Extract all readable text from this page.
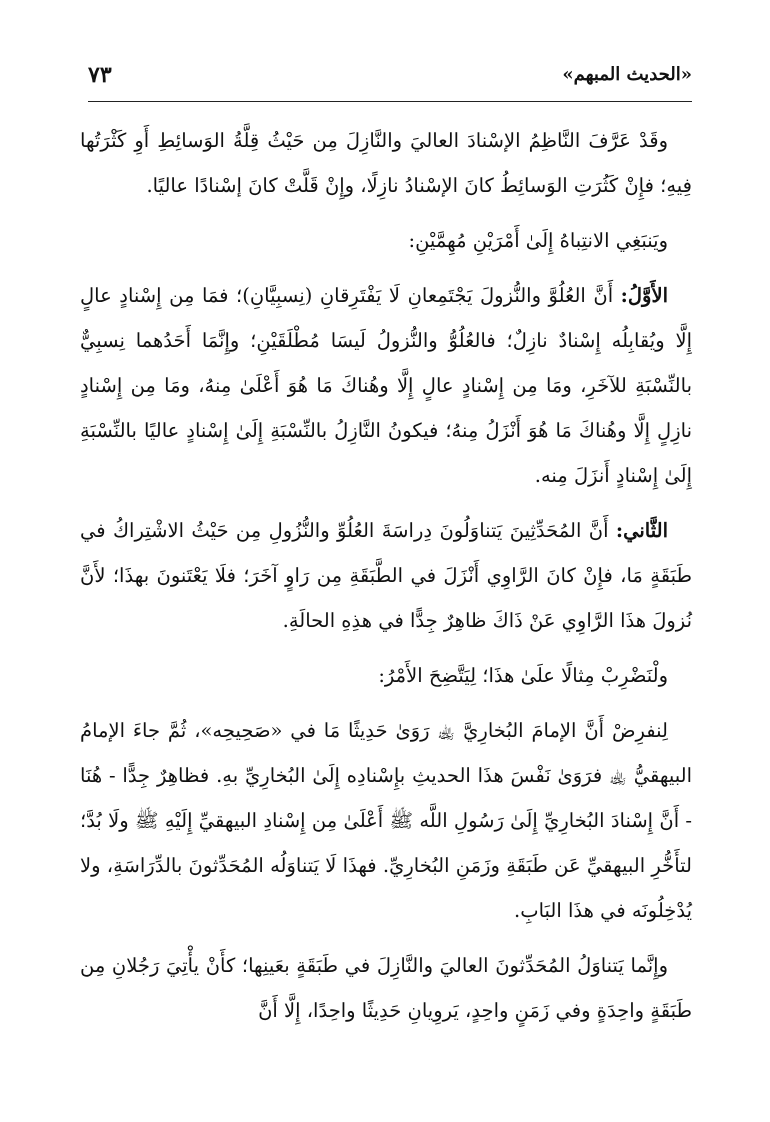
«الحديث المبهم»
٧٣

وقَدْ عَرَّفَ النَّاظِمُ الإسْنادَ العاليَ والنَّازِلَ مِن حَيْثُ قِلَّةُ الوَسائِطِ أَوِ كَثْرَتُها فِيهِ؛ فإِنْ كَثُرَتِ الوَسائِطُ كانَ الإسْنادُ نازِلًا، وإِنْ قَلَّتْ كانَ إسْنادًا عاليًا.

ويَنبَغِي الانتِباهُ إِلَىٰ أَمْرَيْنِ مُهِمَّيْنِ:

الأَوَّلُ: أَنَّ العُلُوَّ والنُّزولَ يَجْتَمِعانِ لَا يَفْتَرِقانِ (نِسبِيَّانِ)؛ فمَا مِن إِسْنادٍ عالٍ إِلَّا ويُقابِلُه إِسْنادٌ نازِلٌ؛ فالعُلُوُّ والنُّزولُ لَيسَا مُطْلَقَيْنِ؛ وإِنَّمَا أَحَدُهما نِسبِيٌّ بالنِّسْبَةِ للآخَرِ، ومَا مِن إِسْنادٍ عالٍ إِلَّا وهُناكَ مَا هُوَ أَعْلَىٰ مِنهُ، ومَا مِن إِسْنادٍ نازِلٍ إِلَّا وهُناكَ مَا هُوَ أَنْزَلُ مِنهُ؛ فيكونُ النَّازِلُ بالنِّسْبَةِ إِلَىٰ إِسْنادٍ عاليًا بالنِّسْبَةِ إِلَىٰ إِسْنادٍ أَنزَلَ مِنه.

الثَّاني: أَنَّ المُحَدِّثِينَ يَتناوَلُونَ دِراسَةَ العُلُوِّ والنُّزُولِ مِن حَيْثُ الاشْتِراكُ في طَبَقَةٍ مَا، فإِنْ كانَ الرَّاوِي أَنْزَلَ في الطَّبَقَةِ مِن رَاوٍ آخَرَ؛ فلَا يَعْتَنونَ بهذَا؛ لأَنَّ نُزولَ هذَا الرَّاوِي عَنْ ذَاكَ ظاهِرٌ جِدًّا في هذِهِ الحالَةِ.

ولْنَضْرِبْ مِثالًا علَىٰ هذَا؛ لِيَتَّضِحَ الأَمْرُ:

لِنفرِضْ أَنَّ الإمامَ البُخارِيَّ ﵀ رَوَىٰ حَدِيثًا مَا في «صَحِيحِه»، ثُمَّ جاءَ الإمامُ البيهقيُّ ﵀ فرَوَىٰ نَفْسَ هذَا الحديثِ بإِسْنادِه إِلَىٰ البُخارِيِّ بهِ. فظاهِرٌ جِدًّا - هُنَا - أَنَّ إِسْنادَ البُخارِيِّ إِلَىٰ رَسُولِ اللَّه ﷺ أَعْلَىٰ مِن إِسْنادِ البيهقيِّ إِلَيْهِ ﷺ ولَا بُدَّ؛ لتأَخُّرِ البيهقيِّ عَن طَبَقَةِ وزَمَنِ البُخارِيِّ. فهذَا لَا يَتناوَلُه المُحَدِّثونَ بالدِّرَاسَةِ، ولا يُدْخِلُونَه في هذَا البَابِ.

وإِنَّما يَتناوَلُ المُحَدِّثونَ العاليَ والنَّازِلَ في طَبَقَةٍ بعَينِها؛ كأَنْ يأْتِيَ رَجُلانِ مِن طَبَقَةٍ واحِدَةٍ وفي زَمَنٍ واحِدٍ، يَروِيانِ حَدِيثًا واحِدًا، إِلَّا أَنَّ
